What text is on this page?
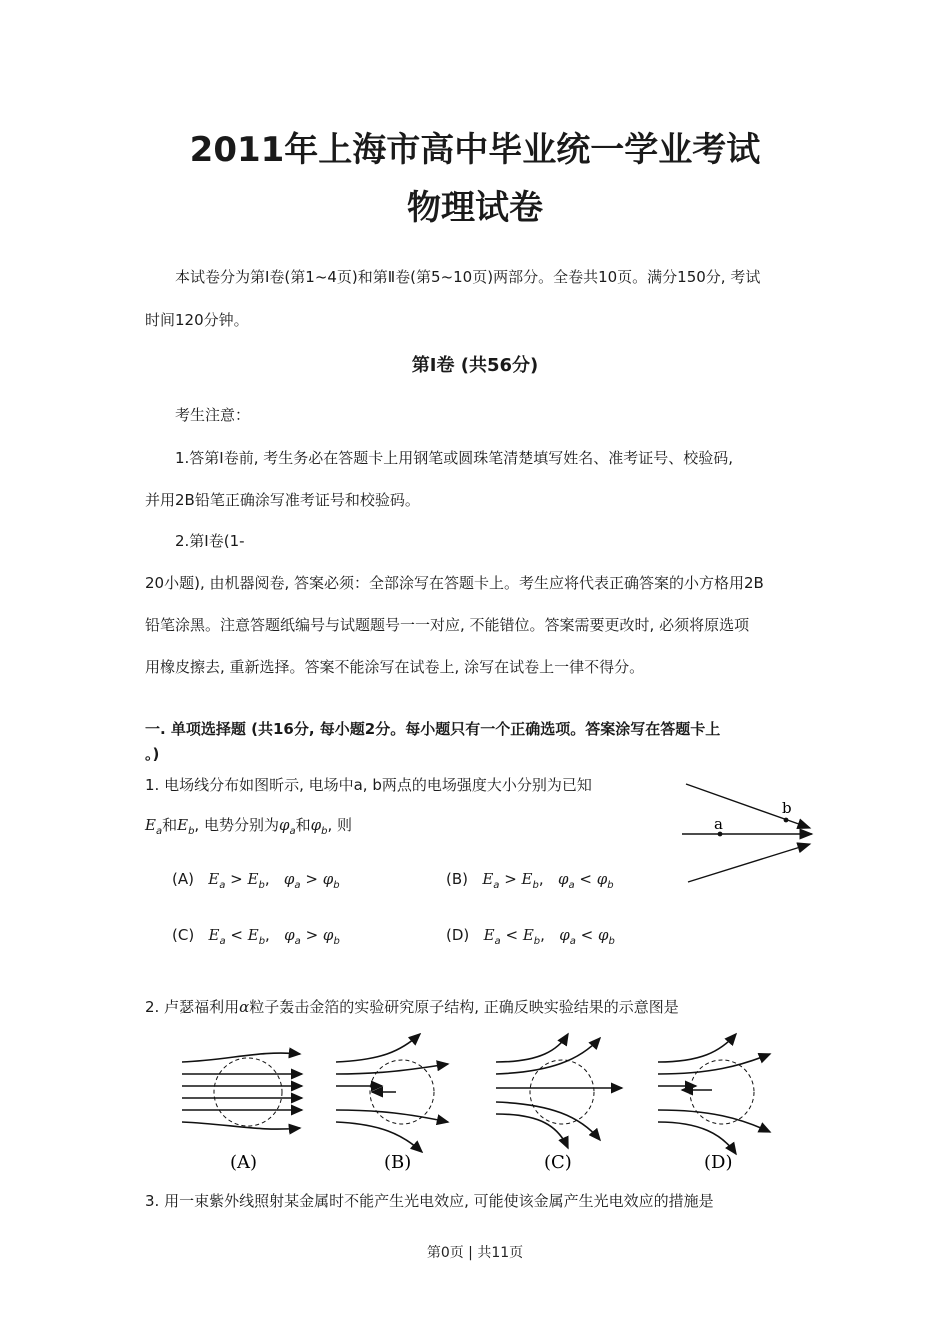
2011年上海市高中毕业统一学业考试
物理试卷
本试卷分为第Ⅰ卷(第1~4页)和第Ⅱ卷(第5~10页)两部分。全卷共10页。满分150分, 考试
时间120分钟。
第Ⅰ卷 (共56分)
考生注意：
1.答第Ⅰ卷前, 考生务必在答题卡上用钢笔或圆珠笔清楚填写姓名、准考证号、校验码,
并用2B铅笔正确涂写准考证号和校验码。
2.第Ⅰ卷(1-
20小题), 由机器阅卷, 答案必须：全部涂写在答题卡上。考生应将代表正确答案的小方格用2B
铅笔涂黑。注意答题纸编号与试题题号一一对应, 不能错位。答案需要更改时, 必须将原选项
用橡皮擦去, 重新选择。答案不能涂写在试卷上, 涂写在试卷上一律不得分。
一. 单项选择题 (共16分, 每小题2分。每小题只有一个正确选项。答案涂写在答题卡上
。)
1. 电场线分布如图昕示, 电场中a, b两点的电场强度大小分别为已知
$E_a$和$E_b$, 电势分别为$\varphi_a$和$\varphi_b$, 则
(A) $E_a > E_b$,   $\varphi_a > \varphi_b$	(B) $E_a > E_b$,   $\varphi_a < \varphi_b$
(C) $E_a < E_b$,   $\varphi_a > \varphi_b$	(D) $E_a < E_b$,   $\varphi_a < \varphi_b$
a
b
2. 卢瑟福利用α粒子轰击金箔的实验研究原子结构, 正确反映实验结果的示意图是
(A)	(B)	(C)	(D)
3. 用一束紫外线照射某金属时不能产生光电效应, 可能使该金属产生光电效应的措施是
第0页 | 共11页
